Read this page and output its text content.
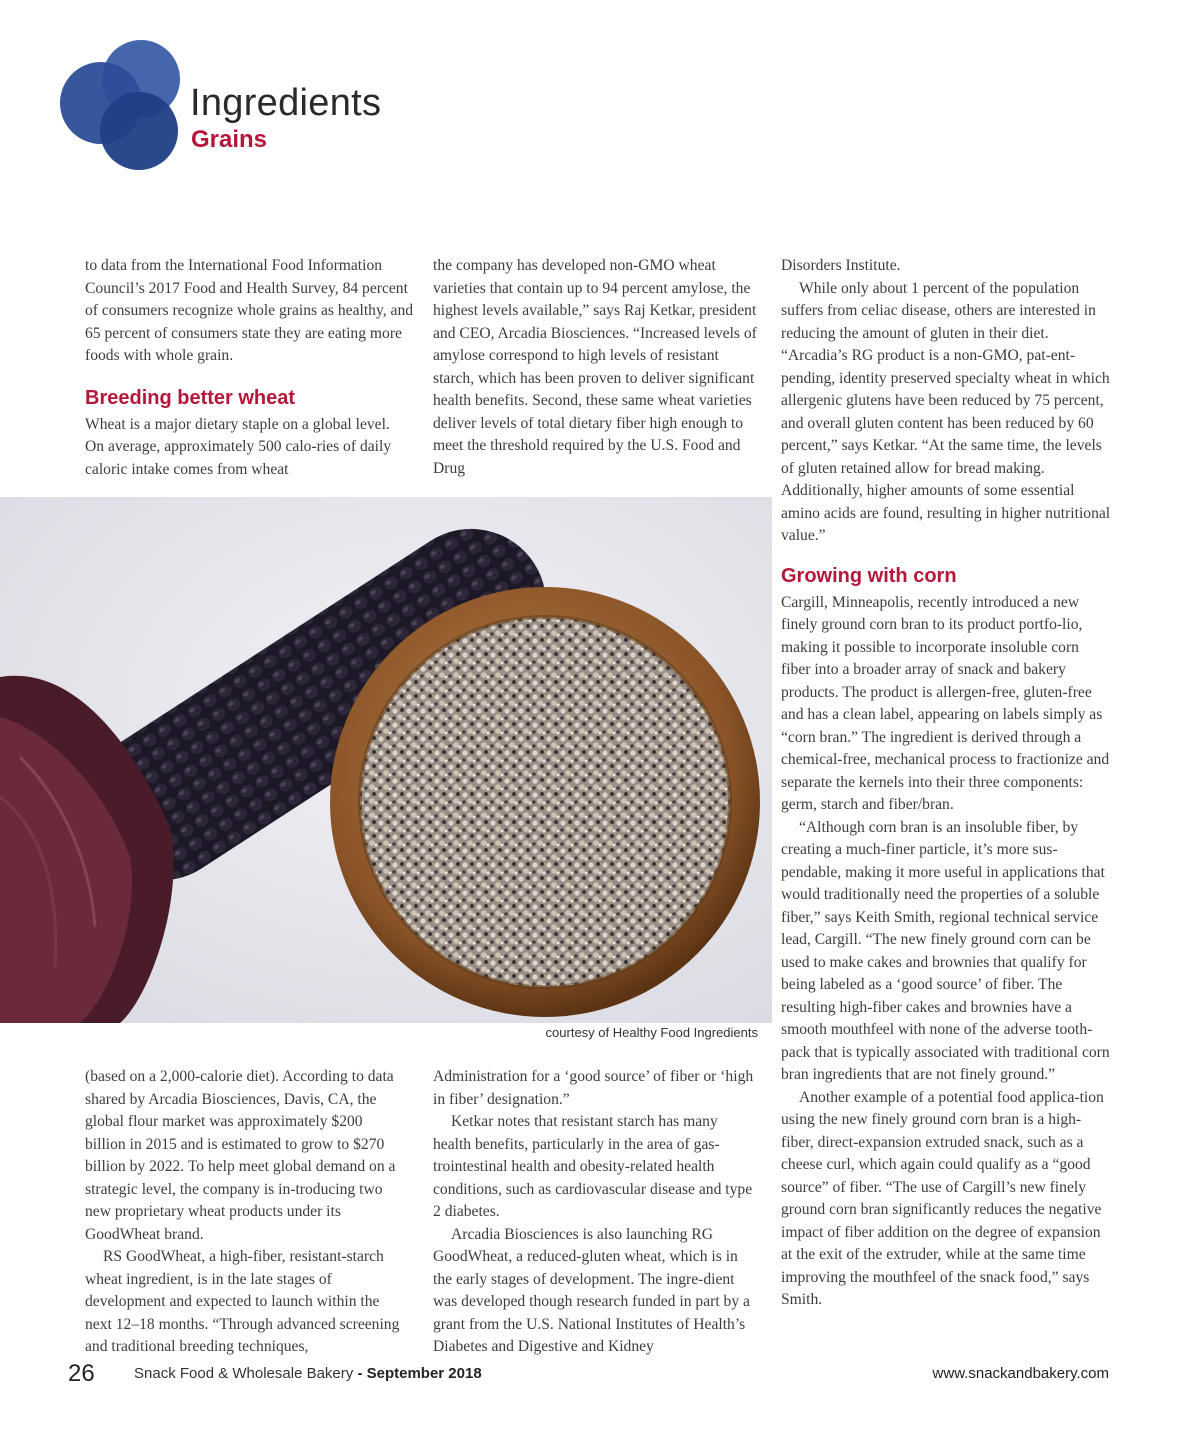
Ingredients
Grains

to data from the International Food Information Council’s 2017 Food and Health Survey, 84 percent of consumers recognize whole grains as healthy, and 65 percent of consumers state they are eating more foods with whole grain.

Breeding better wheat

Wheat is a major dietary staple on a global level. On average, approximately 500 calo-ries of daily caloric intake comes from wheat

the company has developed non-GMO wheat varieties that contain up to 94 percent amylose, the highest levels available,” says Raj Ketkar, president and CEO, Arcadia Biosciences. “Increased levels of amylose correspond to high levels of resistant starch, which has been proven to deliver significant health benefits. Second, these same wheat varieties deliver levels of total dietary fiber high enough to meet the threshold required by the U.S. Food and Drug

Disorders Institute.

While only about 1 percent of the population suffers from celiac disease, others are interested in reducing the amount of gluten in their diet. “Arcadia’s RG product is a non-GMO, pat-ent-pending, identity preserved specialty wheat in which allergenic glutens have been reduced by 75 percent, and overall gluten content has been reduced by 60 percent,” says Ketkar. “At the same time, the levels of gluten retained allow for bread making. Additionally, higher amounts of some essential amino acids are found, resulting in higher nutritional value.”

Growing with corn

Cargill, Minneapolis, recently introduced a new finely ground corn bran to its product portfo-lio, making it possible to incorporate insoluble corn fiber into a broader array of snack and bakery products. The product is allergen-free, gluten-free and has a clean label, appearing on labels simply as “corn bran.” The ingredient is derived through a chemical-free, mechanical process to fractionize and separate the kernels into their three components: germ, starch and fiber/bran.

“Although corn bran is an insoluble fiber, by creating a much-finer particle, it’s more sus-pendable, making it more useful in applications that would traditionally need the properties of a soluble fiber,” says Keith Smith, regional technical service lead, Cargill. “The new finely ground corn can be used to make cakes and brownies that qualify for being labeled as a ‘good source’ of fiber. The resulting high-fiber cakes and brownies have a smooth mouthfeel with none of the adverse tooth-pack that is typically associated with traditional corn bran ingredients that are not finely ground.”

Another example of a potential food applica-tion using the new finely ground corn bran is a high-fiber, direct-expansion extruded snack, such as a cheese curl, which again could qualify as a “good source” of fiber. “The use of Cargill’s new finely ground corn bran significantly reduces the negative impact of fiber addition on the degree of expansion at the exit of the extruder, while at the same time improving the mouthfeel of the snack food,” says Smith.

courtesy of Healthy Food Ingredients

(based on a 2,000-calorie diet). According to data shared by Arcadia Biosciences, Davis, CA, the global flour market was approximately $200 billion in 2015 and is estimated to grow to $270 billion by 2022. To help meet global demand on a strategic level, the company is in-troducing two new proprietary wheat products under its GoodWheat brand.

RS GoodWheat, a high-fiber, resistant-starch wheat ingredient, is in the late stages of development and expected to launch within the next 12–18 months. “Through advanced screening and traditional breeding techniques,

Administration for a ‘good source’ of fiber or ‘high in fiber’ designation.”

Ketkar notes that resistant starch has many health benefits, particularly in the area of gas-trointestinal health and obesity-related health conditions, such as cardiovascular disease and type 2 diabetes.

Arcadia Biosciences is also launching RG GoodWheat, a reduced-gluten wheat, which is in the early stages of development. The ingre-dient was developed though research funded in part by a grant from the U.S. National Institutes of Health’s Diabetes and Digestive and Kidney

26	Snack Food & Wholesale Bakery - September 2018	www.snackandbakery.com
